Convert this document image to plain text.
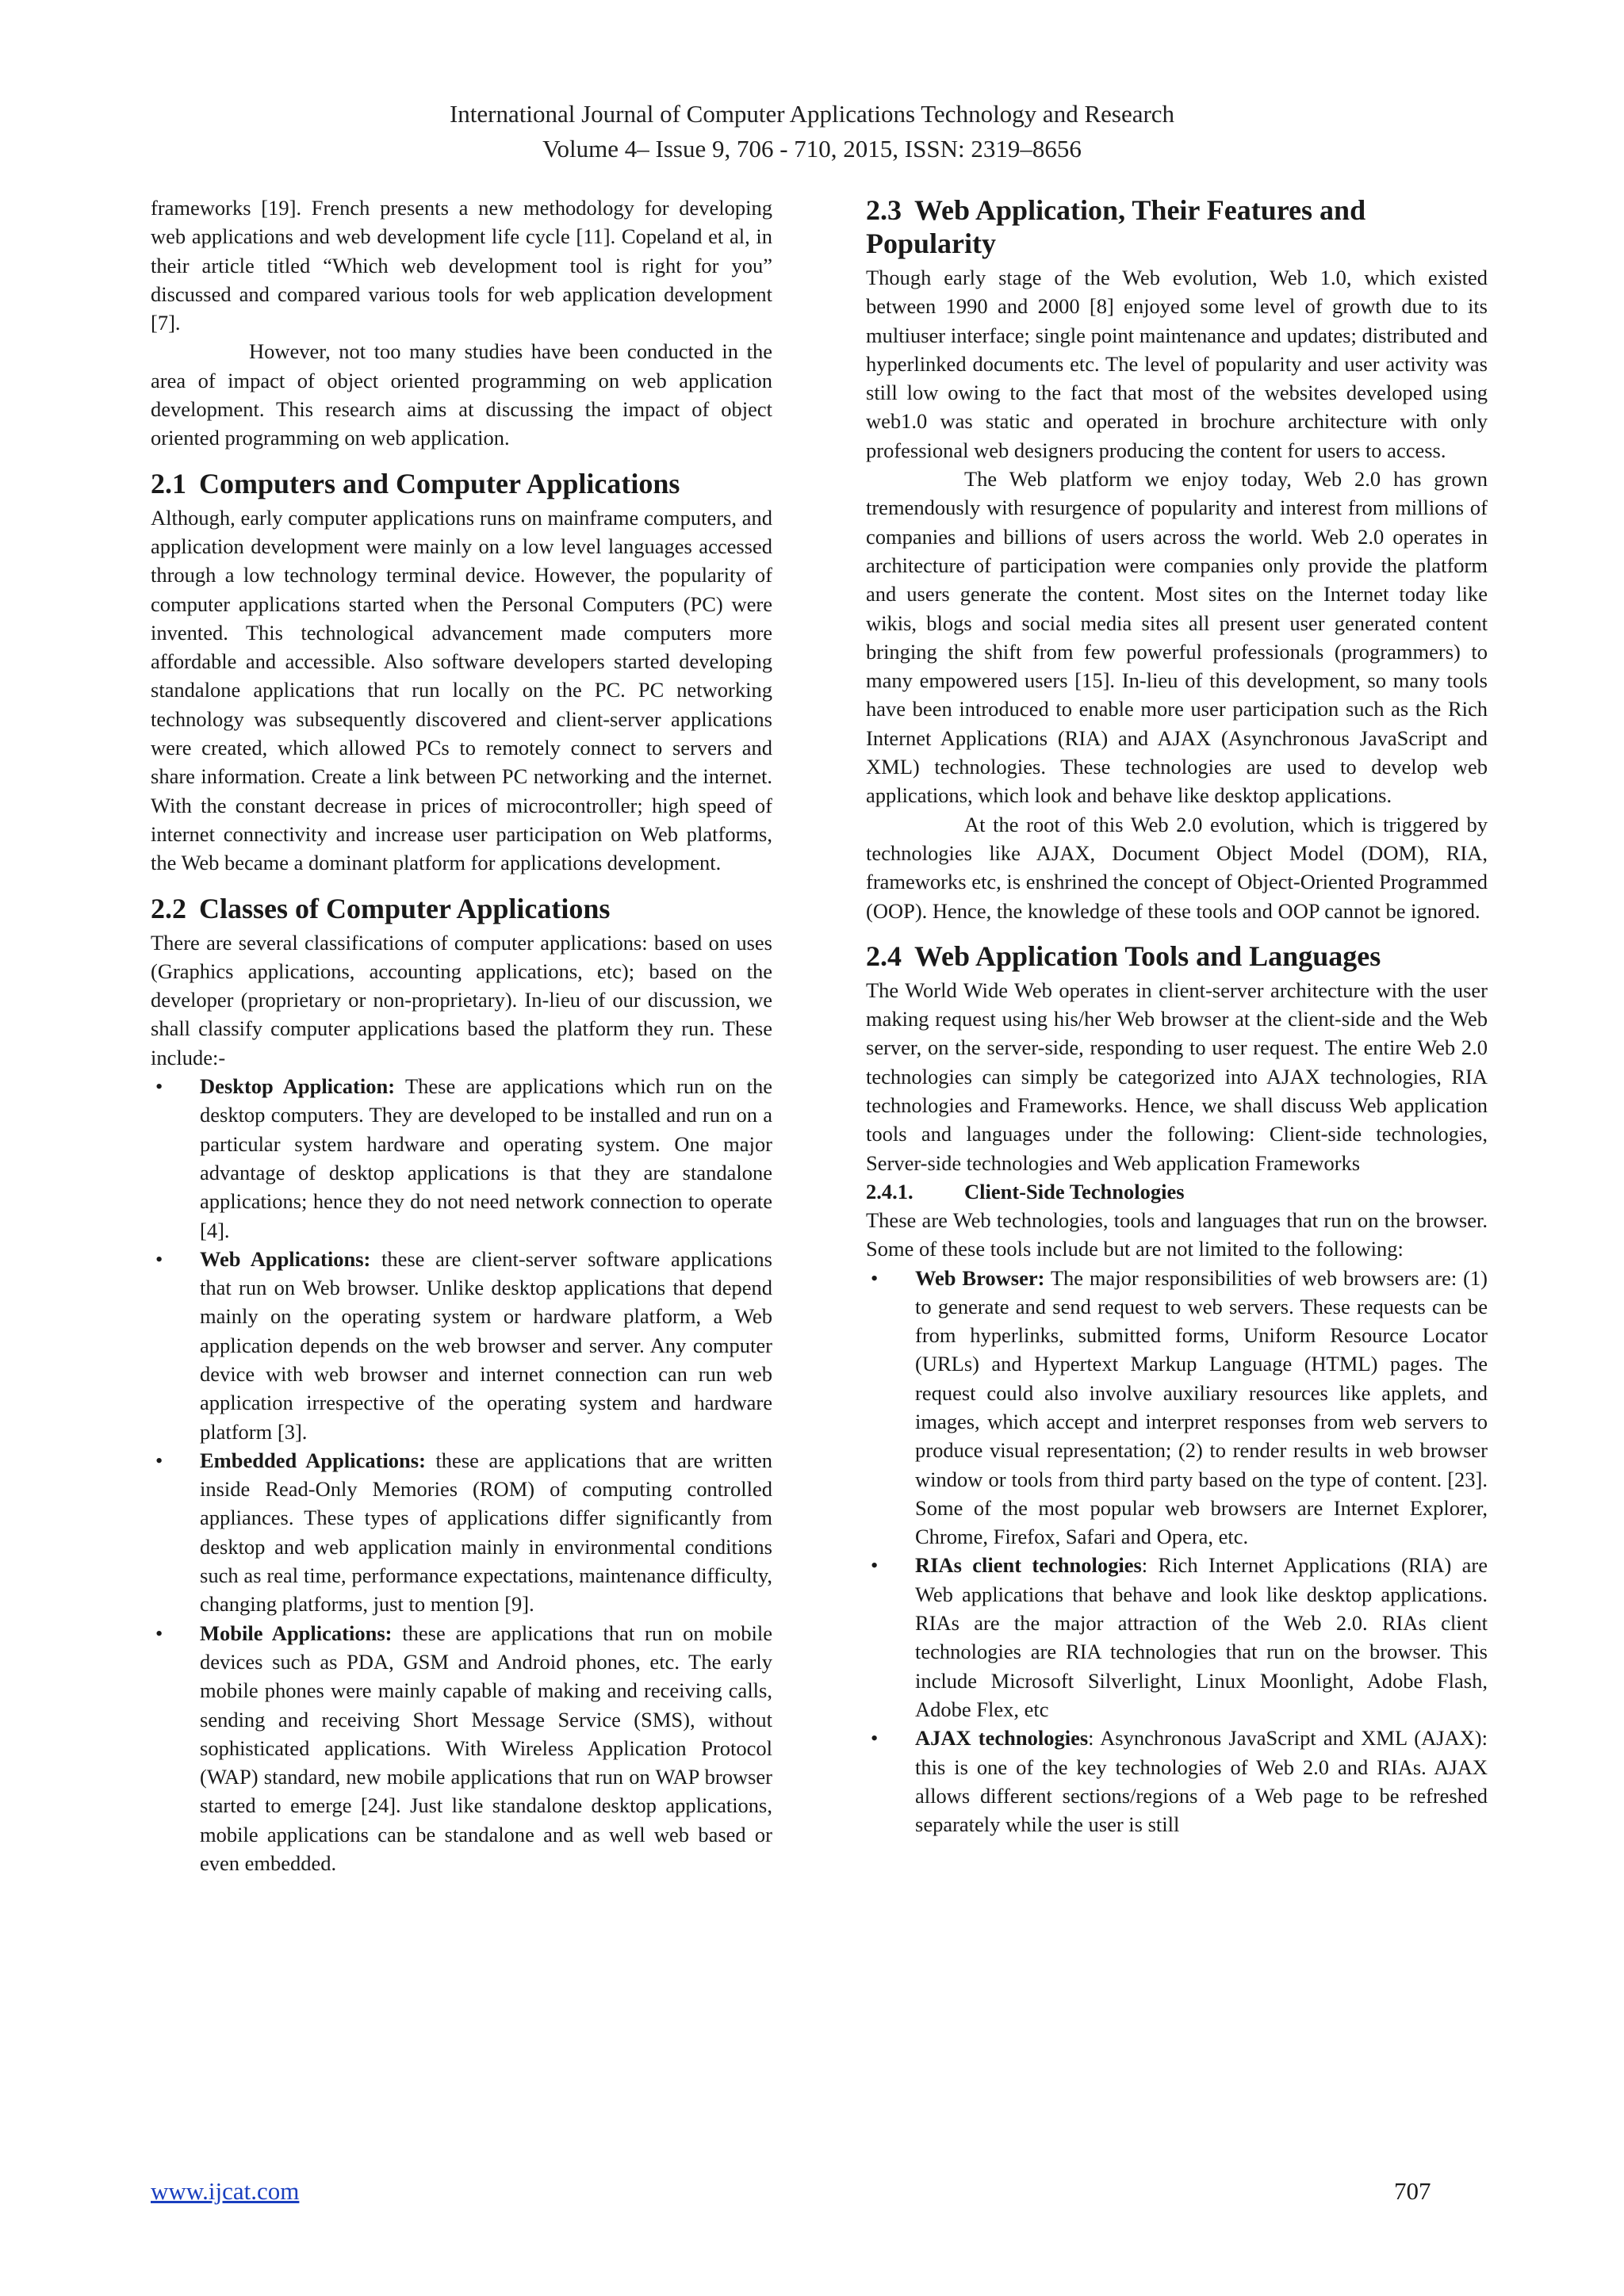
International Journal of Computer Applications Technology and Research
Volume 4– Issue 9, 706 - 710, 2015, ISSN: 2319–8656

frameworks [19]. French presents a new methodology for developing web applications and web development life cycle [11]. Copeland et al, in their article titled “Which web development tool is right for you” discussed and compared various tools for web application development [7].

However, not too many studies have been conducted in the area of impact of object oriented programming on web application development. This research aims at discussing the impact of object oriented programming on web application.

2.1 Computers and Computer Applications

Although, early computer applications runs on mainframe computers, and application development were mainly on a low level languages accessed through a low technology terminal device. However, the popularity of computer applications started when the Personal Computers (PC) were invented. This technological advancement made computers more affordable and accessible. Also software developers started developing standalone applications that run locally on the PC. PC networking technology was subsequently discovered and client-server applications were created, which allowed PCs to remotely connect to servers and share information. Create a link between PC networking and the internet. With the constant decrease in prices of microcontroller; high speed of internet connectivity and increase user participation on Web platforms, the Web became a dominant platform for applications development.

2.2 Classes of Computer Applications

There are several classifications of computer applications: based on uses (Graphics applications, accounting applications, etc); based on the developer (proprietary or non-proprietary). In-lieu of our discussion, we shall classify computer applications based the platform they run. These include:-

• Desktop Application: These are applications which run on the desktop computers. They are developed to be installed and run on a particular system hardware and operating system. One major advantage of desktop applications is that they are standalone applications; hence they do not need network connection to operate [4].
• Web Applications: these are client-server software applications that run on Web browser. Unlike desktop applications that depend mainly on the operating system or hardware platform, a Web application depends on the web browser and server. Any computer device with web browser and internet connection can run web application irrespective of the operating system and hardware platform [3].
• Embedded Applications: these are applications that are written inside Read-Only Memories (ROM) of computing controlled appliances. These types of applications differ significantly from desktop and web application mainly in environmental conditions such as real time, performance expectations, maintenance difficulty, changing platforms, just to mention [9].
• Mobile Applications: these are applications that run on mobile devices such as PDA, GSM and Android phones, etc. The early mobile phones were mainly capable of making and receiving calls, sending and receiving Short Message Service (SMS), without sophisticated applications. With Wireless Application Protocol (WAP) standard, new mobile applications that run on WAP browser started to emerge [24]. Just like standalone desktop applications, mobile applications can be standalone and as well web based or even embedded.
2.3 Web Application, Their Features and Popularity

Though early stage of the Web evolution, Web 1.0, which existed between 1990 and 2000 [8] enjoyed some level of growth due to its multiuser interface; single point maintenance and updates; distributed and hyperlinked documents etc. The level of popularity and user activity was still low owing to the fact that most of the websites developed using web1.0 was static and operated in brochure architecture with only professional web designers producing the content for users to access.

The Web platform we enjoy today, Web 2.0 has grown tremendously with resurgence of popularity and interest from millions of companies and billions of users across the world. Web 2.0 operates in architecture of participation were companies only provide the platform and users generate the content. Most sites on the Internet today like wikis, blogs and social media sites all present user generated content bringing the shift from few powerful professionals (programmers) to many empowered users [15]. In-lieu of this development, so many tools have been introduced to enable more user participation such as the Rich Internet Applications (RIA) and AJAX (Asynchronous JavaScript and XML) technologies. These technologies are used to develop web applications, which look and behave like desktop applications.

At the root of this Web 2.0 evolution, which is triggered by technologies like AJAX, Document Object Model (DOM), RIA, frameworks etc, is enshrined the concept of Object-Oriented Programmed (OOP). Hence, the knowledge of these tools and OOP cannot be ignored.

2.4 Web Application Tools and Languages

The World Wide Web operates in client-server architecture with the user making request using his/her Web browser at the client-side and the Web server, on the server-side, responding to user request. The entire Web 2.0 technologies can simply be categorized into AJAX technologies, RIA technologies and Frameworks. Hence, we shall discuss Web application tools and languages under the following: Client-side technologies, Server-side technologies and Web application Frameworks

2.4.1. Client-Side Technologies

These are Web technologies, tools and languages that run on the browser. Some of these tools include but are not limited to the following:

• Web Browser: The major responsibilities of web browsers are: (1) to generate and send request to web servers. These requests can be from hyperlinks, submitted forms, Uniform Resource Locator (URLs) and Hypertext Markup Language (HTML) pages. The request could also involve auxiliary resources like applets, and images, which accept and interpret responses from web servers to produce visual representation; (2) to render results in web browser window or tools from third party based on the type of content. [23]. Some of the most popular web browsers are Internet Explorer, Chrome, Firefox, Safari and Opera, etc.
• RIAs client technologies: Rich Internet Applications (RIA) are Web applications that behave and look like desktop applications. RIAs are the major attraction of the Web 2.0. RIAs client technologies are RIA technologies that run on the browser. This include Microsoft Silverlight, Linux Moonlight, Adobe Flash, Adobe Flex, etc
• AJAX technologies: Asynchronous JavaScript and XML (AJAX): this is one of the key technologies of Web 2.0 and RIAs. AJAX allows different sections/regions of a Web page to be refreshed separately while the user is still
www.ijcat.com	707
